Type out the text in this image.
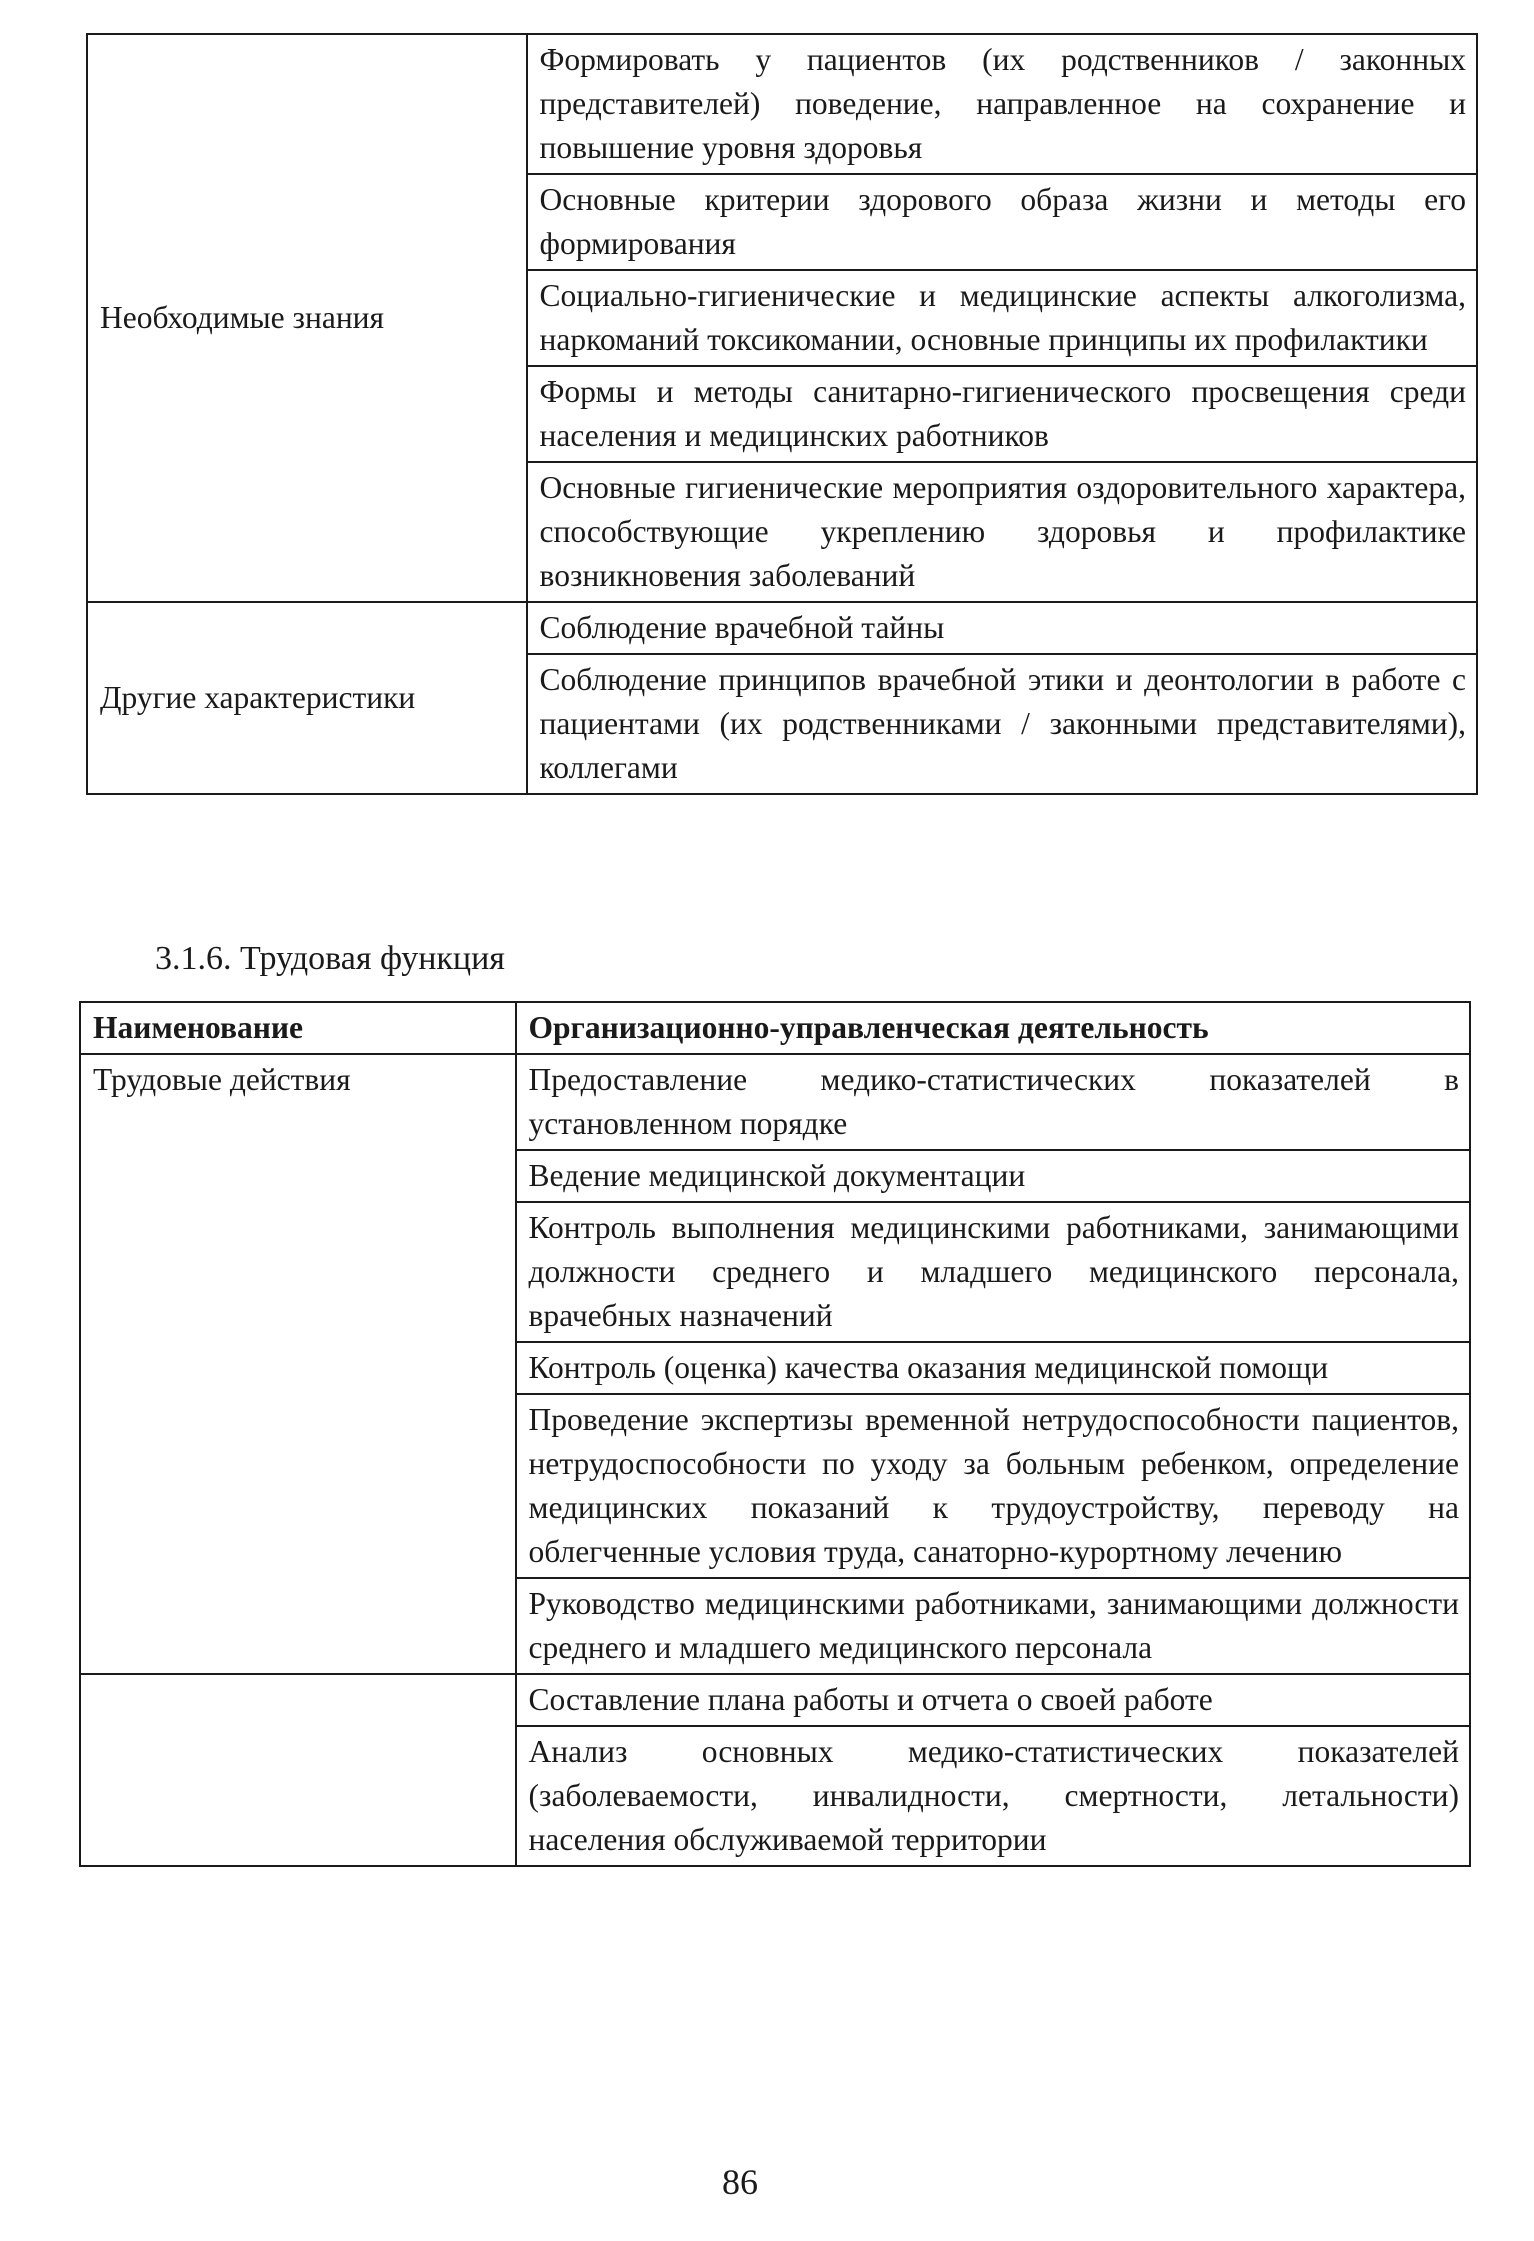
Необходимые знания	Формировать у пациентов (их родственников / законных представителей) поведение, направленное на сохранение и повышение уровня здоровья
	Основные критерии здорового образа жизни и методы его формирования
	Социально-гигиенические и медицинские аспекты алкоголизма, наркоманий токсикомании, основные принципы их профилактики
	Формы и методы санитарно-гигиенического просвещения среди населения и медицинских работников
	Основные гигиенические мероприятия оздоровительного характера, способствующие укреплению здоровья и профилактике возникновения заболеваний
Другие характеристики	Соблюдение врачебной тайны
	Соблюдение принципов врачебной этики и деонтологии в работе с пациентами (их родственниками / законными представителями), коллегами
3.1.6. Трудовая функция
Наименование	Организационно-управленческая деятельность
Трудовые действия	Предоставление медико-статистических показателей в установленном порядке
	Ведение медицинской документации
	Контроль выполнения медицинскими работниками, занимающими должности среднего и младшего медицинского персонала, врачебных назначений
	Контроль (оценка) качества оказания медицинской помощи
	Проведение экспертизы временной нетрудоспособности пациентов, нетрудоспособности по уходу за больным ребенком, определение медицинских показаний к трудоустройству, переводу на облегченные условия труда, санаторно-курортному лечению
	Руководство медицинскими работниками, занимающими должности среднего и младшего медицинского персонала
	Составление плана работы и отчета о своей работе
	Анализ основных медико-статистических показателей (заболеваемости, инвалидности, смертности, летальности) населения обслуживаемой территории
86
